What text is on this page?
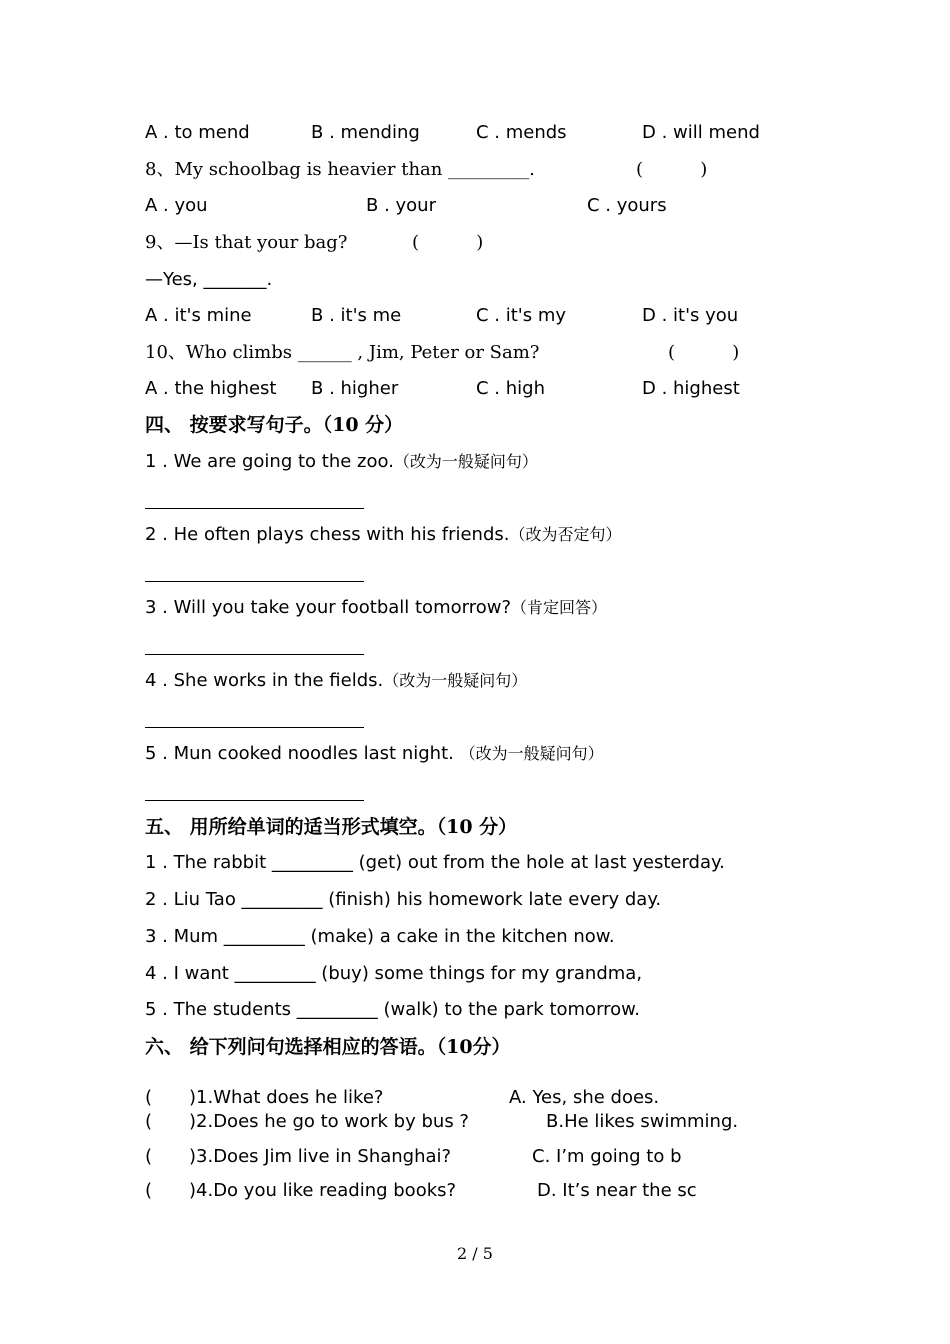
A . to mend	B . mending	C . mends	D . will mend
8、My schoolbag is heavier than _________.	(          )
A . you	B . your	C . yours
9、—Is that your bag?	(          )
—Yes, _______.
A . it's mine	B . it's me	C . it's my	D . it's you
10、Who climbs ______ , Jim, Peter or Sam?	(          )
A . the highest B . higher	C . high	D . highest
四、 按要求写句子。（10 分）
1 . We are going to the zoo.（改为一般疑问句）
2 . He often plays chess with his friends.（改为否定句）
3 . Will you take your football tomorrow?（肯定回答）
4 . She works in the fields.（改为一般疑问句）
5 . Mun cooked noodles last night. （改为一般疑问句）
五、 用所给单词的适当形式填空。（10 分）
1 . The rabbit _________ (get) out from the hole at last yesterday.
2 . Liu Tao _________ (finish) his homework late every day.
3 . Mum _________ (make) a cake in the kitchen now.
4 . I want _________ (buy) some things for my grandma,
5 . The students _________ (walk) to the park tomorrow.
六、 给下列问句选择相应的答语。（10分）
( )1.What does he like?	A. Yes, she does.
( )2.Does he go to work by bus ?	B.He likes swimming.
( )3.Does Jim live in Shanghai?	C. I’m going to b
( )4.Do you like reading books?	D. It’s near the sc
2 / 5
